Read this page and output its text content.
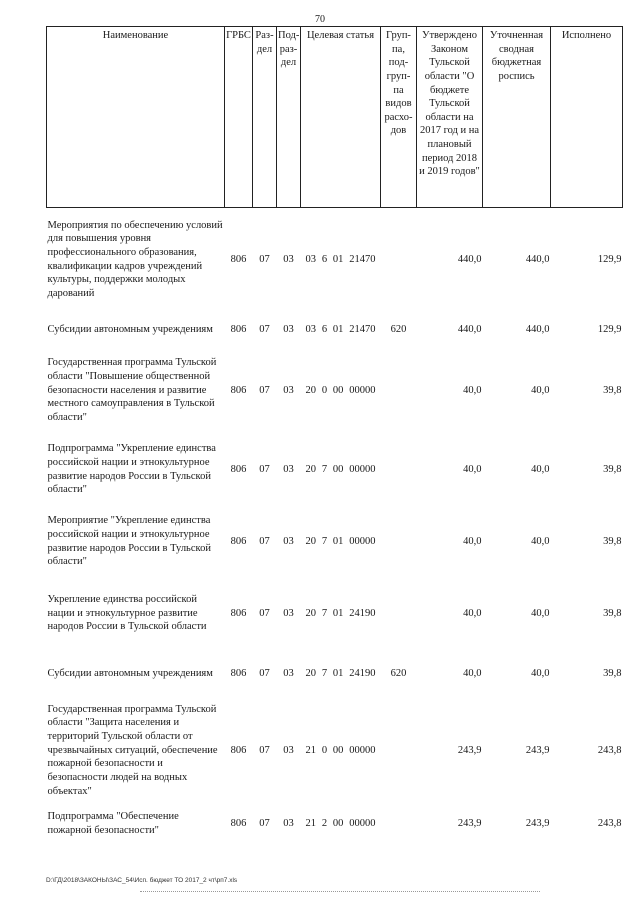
70
Наименование	ГРБС	Раз-дел	Под-раз-дел	Целевая статья	Груп-па, под-груп-па видов расхо-дов	Утверждено Законом Тульской области "О бюджете Тульской области на 2017 год и на плановый период 2018 и 2019 годов"	Уточненная сводная бюджетная роспись	Исполнено
Мероприятия по обеспечению условий для повышения уровня профессионального образования, квалификации кадров учреждений культуры, поддержки молодых дарований	806	07	03	03 6 01 21470		440,0	440,0	129,9
Субсидии автономным учреждениям	806	07	03	03 6 01 21470	620	440,0	440,0	129,9
Государственная программа Тульской области "Повышение общественной безопасности населения и развитие местного самоуправления в Тульской области"	806	07	03	20 0 00 00000		40,0	40,0	39,8
Подпрограмма "Укрепление единства российской нации и этнокультурное развитие народов России в Тульской области"	806	07	03	20 7 00 00000		40,0	40,0	39,8
Мероприятие "Укрепление единства российской нации и этнокультурное развитие народов России в Тульской области"	806	07	03	20 7 01 00000		40,0	40,0	39,8
Укрепление единства российской нации и этнокультурное развитие народов России в Тульской области	806	07	03	20 7 01 24190		40,0	40,0	39,8
Субсидии автономным учреждениям	806	07	03	20 7 01 24190	620	40,0	40,0	39,8
Государственная программа Тульской области "Защита населения и территорий Тульской области от чрезвычайных ситуаций, обеспечение пожарной безопасности и безопасности людей на водных объектах"	806	07	03	21 0 00 00000		243,9	243,9	243,8
Подпрограмма "Обеспечение пожарной безопасности"	806	07	03	21 2 00 00000		243,9	243,9	243,8
D:\ГД\2018\ЗАКОНЫ\ЗАС_54\Исп. бюджет ТО 2017_2 чт\рп7.xls
